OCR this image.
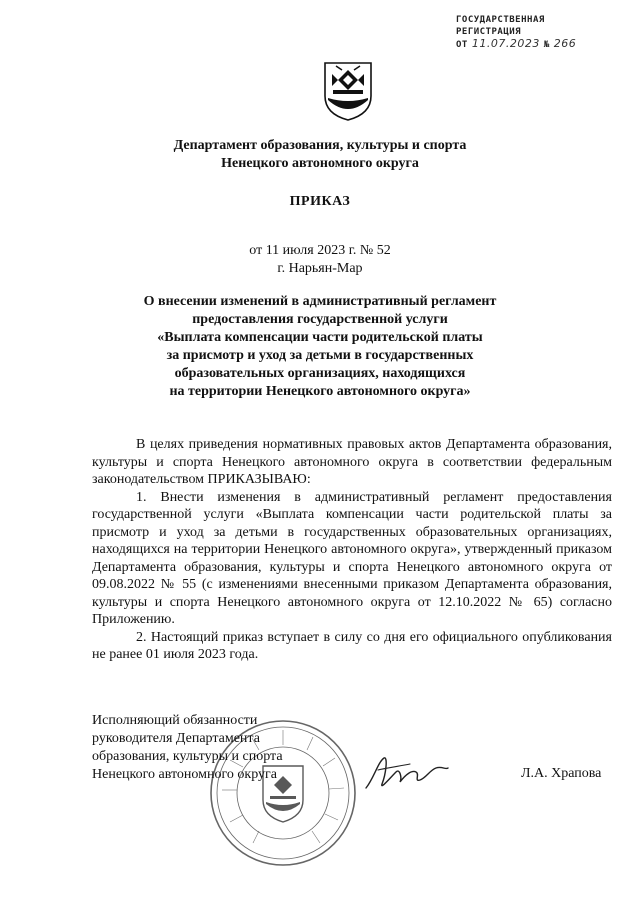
ГОСУДАРСТВЕННАЯ
РЕГИСТРАЦИЯ
ОТ 11.07.2023 № 266
Департамент образования, культуры и спорта
Ненецкого автономного округа
ПРИКАЗ
от 11 июля 2023 г. № 52
г. Нарьян-Мар
О внесении изменений в административный регламент
предоставления государственной услуги
«Выплата компенсации части родительской платы
за присмотр и уход за детьми в государственных
образовательных организациях, находящихся
на территории Ненецкого автономного округа»

В целях приведения нормативных правовых актов Департамента образования, культуры и спорта Ненецкого автономного округа в соответствии федеральным законодательством ПРИКАЗЫВАЮ:

1. Внести изменения в административный регламент предоставления государственной услуги «Выплата компенсации части родительской платы за присмотр и уход за детьми в государственных образовательных организациях, находящихся на территории Ненецкого автономного округа», утвержденный приказом Департамента образования, культуры и спорта Ненецкого автономного округа от 09.08.2022 № 55 (с изменениями внесенными приказом Департамента образования, культуры и спорта Ненецкого автономного округа от 12.10.2022 № 65) согласно Приложению.

2. Настоящий приказ вступает в силу со дня его официального опубликования не ранее 01 июля 2023 года.

Исполняющий обязанности
руководителя Департамента
образования, культуры и спорта
Ненецкого автономного округа	Л.А. Храпова
